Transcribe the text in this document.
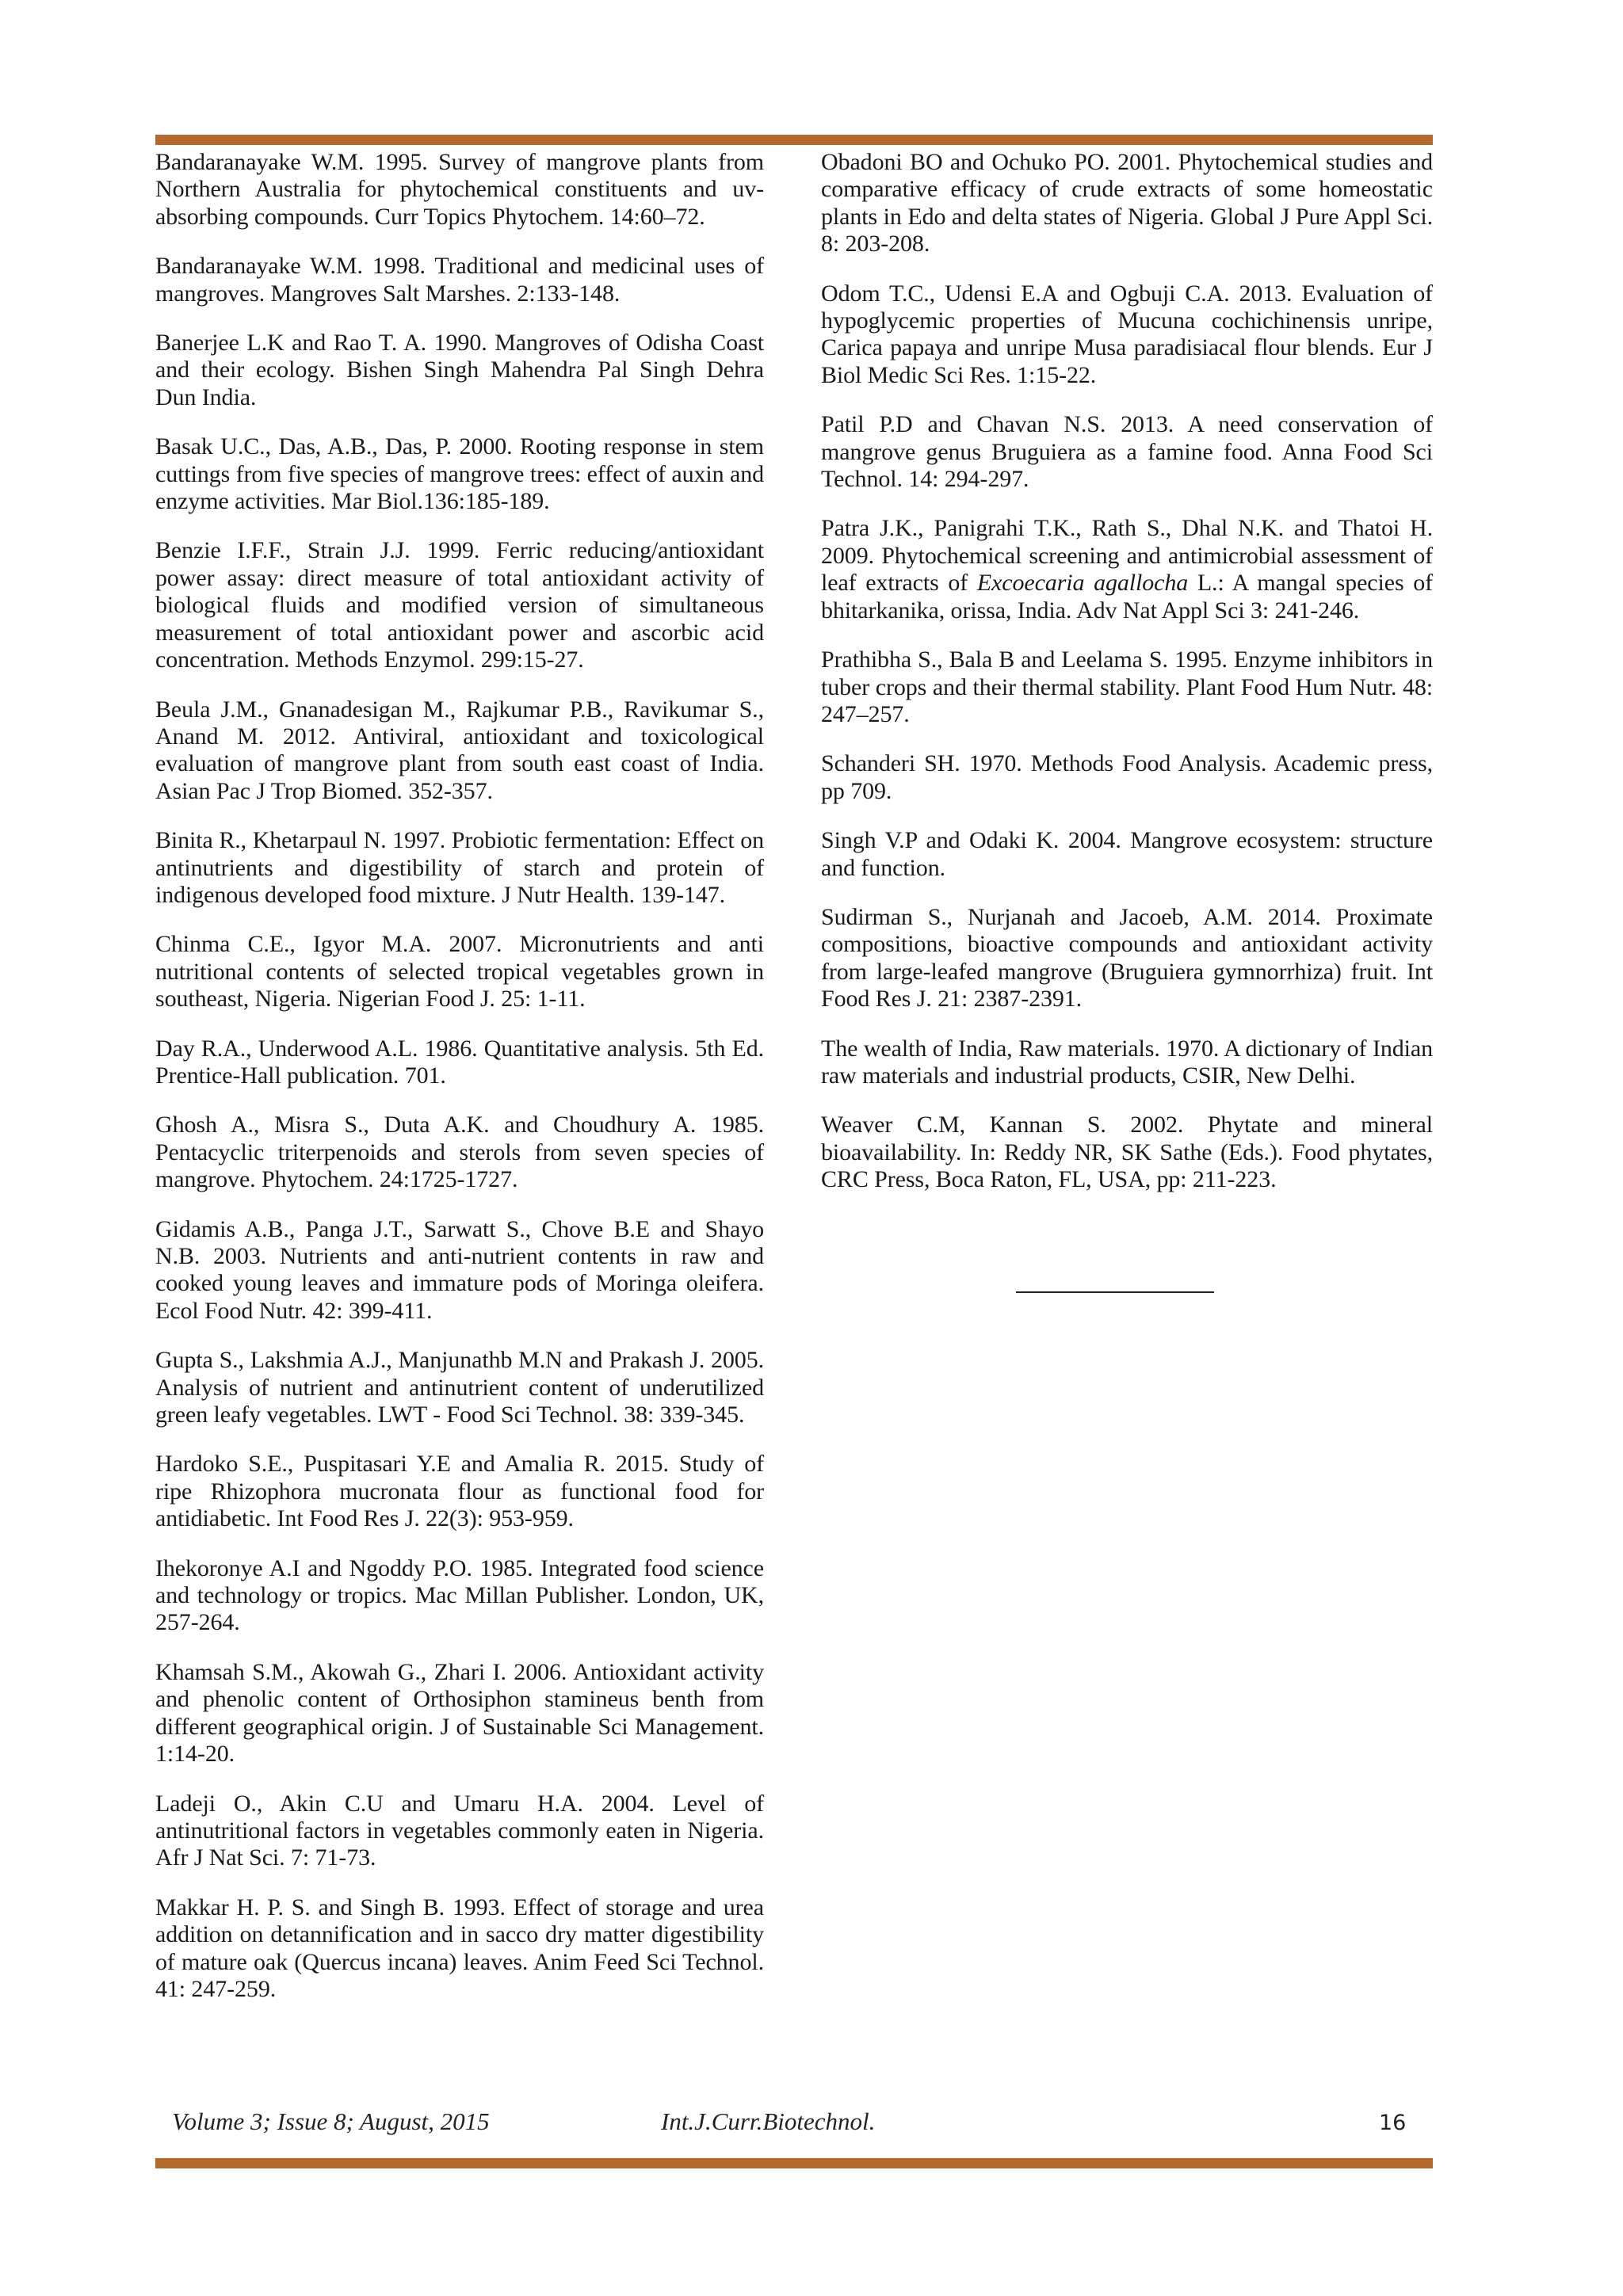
Bandaranayake W.M. 1995. Survey of mangrove plants from Northern Australia for phytochemical constituents and uv-absorbing compounds. Curr Topics Phytochem. 14:60–72.

Bandaranayake W.M. 1998. Traditional and medicinal uses of mangroves. Mangroves Salt Marshes. 2:133-148.

Banerjee L.K and Rao T. A. 1990. Mangroves of Odisha Coast and their ecology. Bishen Singh Mahendra Pal Singh Dehra Dun India.

Basak U.C., Das, A.B., Das, P. 2000. Rooting response in stem cuttings from five species of mangrove trees: effect of auxin and enzyme activities. Mar Biol.136:185-189.

Benzie I.F.F., Strain J.J. 1999. Ferric reducing/antioxidant power assay: direct measure of total antioxidant activity of biological fluids and modified version of simultaneous measurement of total antioxidant power and ascorbic acid concentration. Methods Enzymol. 299:15-27.

Beula J.M., Gnanadesigan M., Rajkumar P.B., Ravikumar S., Anand M. 2012. Antiviral, antioxidant and toxicological evaluation of mangrove plant from south east coast of India. Asian Pac J Trop Biomed. 352-357.

Binita R., Khetarpaul N. 1997. Probiotic fermentation: Effect on antinutrients and digestibility of starch and protein of indigenous developed food mixture. J Nutr Health. 139-147.

Chinma C.E., Igyor M.A. 2007. Micronutrients and anti nutritional contents of selected tropical vegetables grown in southeast, Nigeria. Nigerian Food J. 25: 1-11.

Day R.A., Underwood A.L. 1986. Quantitative analysis. 5th Ed. Prentice-Hall publication. 701.

Ghosh A., Misra S., Duta A.K. and Choudhury A. 1985. Pentacyclic triterpenoids and sterols from seven species of mangrove. Phytochem. 24:1725-1727.

Gidamis A.B., Panga J.T., Sarwatt S., Chove B.E and Shayo N.B. 2003. Nutrients and anti-nutrient contents in raw and cooked young leaves and immature pods of Moringa oleifera. Ecol Food Nutr. 42: 399-411.

Gupta S., Lakshmia A.J., Manjunathb M.N and Prakash J. 2005. Analysis of nutrient and antinutrient content of underutilized green leafy vegetables. LWT - Food Sci Technol. 38: 339-345.

Hardoko S.E., Puspitasari Y.E and Amalia R. 2015. Study of ripe Rhizophora mucronata flour as functional food for antidiabetic. Int Food Res J. 22(3): 953-959.

Ihekoronye A.I and Ngoddy P.O. 1985. Integrated food science and technology or tropics. Mac Millan Publisher. London, UK, 257-264.

Khamsah S.M., Akowah G., Zhari I. 2006. Antioxidant activity and phenolic content of Orthosiphon stamineus benth from different geographical origin. J of Sustainable Sci Management. 1:14-20.

Ladeji O., Akin C.U and Umaru H.A. 2004. Level of antinutritional factors in vegetables commonly eaten in Nigeria. Afr J Nat Sci. 7: 71-73.

Makkar H. P. S. and Singh B. 1993. Effect of storage and urea addition on detannification and in sacco dry matter digestibility of mature oak (Quercus incana) leaves. Anim Feed Sci Technol. 41: 247-259.

Obadoni BO and Ochuko PO. 2001. Phytochemical studies and comparative efficacy of crude extracts of some homeostatic plants in Edo and delta states of Nigeria. Global J Pure Appl Sci. 8: 203-208.

Odom T.C., Udensi E.A and Ogbuji C.A. 2013. Evaluation of hypoglycemic properties of Mucuna cochichinensis unripe, Carica papaya and unripe Musa paradisiacal flour blends. Eur J Biol Medic Sci Res. 1:15-22.

Patil P.D and Chavan N.S. 2013. A need conservation of mangrove genus Bruguiera as a famine food. Anna Food Sci Technol. 14: 294-297.

Patra J.K., Panigrahi T.K., Rath S., Dhal N.K. and Thatoi H. 2009. Phytochemical screening and antimicrobial assessment of leaf extracts of Excoecaria agallocha L.: A mangal species of bhitarkanika, orissa, India. Adv Nat Appl Sci 3: 241-246.

Prathibha S., Bala B and Leelama S. 1995. Enzyme inhibitors in tuber crops and their thermal stability. Plant Food Hum Nutr. 48: 247–257.

Schanderi SH. 1970. Methods Food Analysis. Academic press, pp 709.

Singh V.P and Odaki K. 2004. Mangrove ecosystem: structure and function.

Sudirman S., Nurjanah and Jacoeb, A.M. 2014. Proximate compositions, bioactive compounds and antioxidant activity from large-leafed mangrove (Bruguiera gymnorrhiza) fruit. Int Food Res J. 21: 2387-2391.

The wealth of India, Raw materials. 1970. A dictionary of Indian raw materials and industrial products, CSIR, New Delhi.

Weaver C.M, Kannan S. 2002. Phytate and mineral bioavailability. In: Reddy NR, SK Sathe (Eds.). Food phytates, CRC Press, Boca Raton, FL, USA, pp: 211-223.

Volume 3; Issue 8; August, 2015	Int.J.Curr.Biotechnol.	16
